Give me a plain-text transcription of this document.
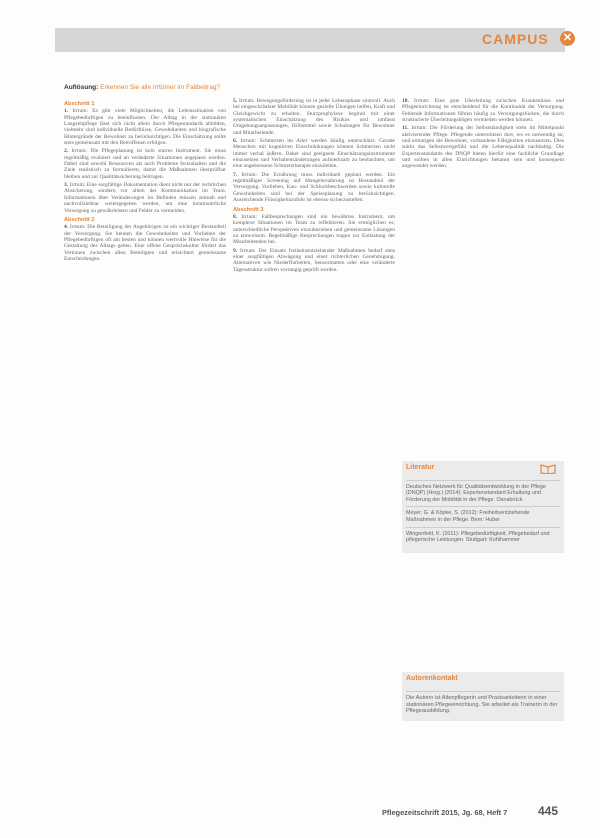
CAMPUS ✕
Auflösung: Erkennen Sie alle Irrtümer im Fallbeitrag?
Abschnitt 1
1. Irrtum: Es gibt viele Möglichkeiten, die Lebenssituation von Pflegebedürftigen zu beeinflussen. Der Alltag in der stationären Langzeitpflege lässt sich nicht allein durch Pflegestandards abbilden, vielmehr sind individuelle Bedürfnisse, Gewohnheiten und biografische Hintergründe der Bewohner zu berücksichtigen. Die Einschätzung sollte stets gemeinsam mit den Betroffenen erfolgen.
2. Irrtum: Die Pflegeplanung ist kein starres Instrument. Sie muss regelmäßig evaluiert und an veränderte Situationen angepasst werden. Dabei sind sowohl Ressourcen als auch Probleme festzuhalten und die Ziele realistisch zu formulieren, damit die Maßnahmen überprüfbar bleiben und zur Qualitätssicherung beitragen.
3. Irrtum: Eine sorgfältige Dokumentation dient nicht nur der rechtlichen Absicherung, sondern vor allem der Kommunikation im Team. Informationen über Veränderungen im Befinden müssen zeitnah und nachvollziehbar weitergegeben werden, um eine kontinuierliche Versorgung zu gewährleisten und Fehler zu vermeiden.
Abschnitt 2
4. Irrtum: Die Beteiligung der Angehörigen ist ein wichtiger Bestandteil der Versorgung. Sie kennen die Gewohnheiten und Vorlieben der Pflegebedürftigen oft am besten und können wertvolle Hinweise für die Gestaltung des Alltags geben. Eine offene Gesprächskultur fördert das Vertrauen zwischen allen Beteiligten und erleichtert gemeinsame Entscheidungen.
5. Irrtum: Bewegungsförderung ist in jeder Lebensphase sinnvoll. Auch bei eingeschränkter Mobilität können gezielte Übungen helfen, Kraft und Gleichgewicht zu erhalten. Sturzprophylaxe beginnt mit einer systematischen Einschätzung des Risikos und umfasst Umgebungsanpassungen, Hilfsmittel sowie Schulungen für Bewohner und Mitarbeitende.
6. Irrtum: Schmerzen im Alter werden häufig unterschätzt. Gerade Menschen mit kognitiven Einschränkungen können Schmerzen nicht immer verbal äußern. Daher sind geeignete Einschätzungsinstrumente einzusetzen und Verhaltensänderungen aufmerksam zu beobachten, um eine angemessene Schmerztherapie einzuleiten.
7. Irrtum: Die Ernährung muss individuell geplant werden. Ein regelmäßiges Screening auf Mangelernährung ist Bestandteil der Versorgung. Vorlieben, Kau- und Schluckbeschwerden sowie kulturelle Gewohnheiten sind bei der Speiseplanung zu berücksichtigen. Ausreichende Flüssigkeitszufuhr ist ebenso sicherzustellen.
Abschnitt 3
8. Irrtum: Fallbesprechungen sind ein bewährtes Instrument, um komplexe Situationen im Team zu reflektieren. Sie ermöglichen es, unterschiedliche Perspektiven einzubeziehen und gemeinsame Lösungen zu entwickeln. Regelmäßige Besprechungen tragen zur Entlastung der Mitarbeitenden bei.
9. Irrtum: Der Einsatz freiheitsentziehender Maßnahmen bedarf stets einer sorgfältigen Abwägung und einer richterlichen Genehmigung. Alternativen wie Niederflurbetten, Sensormatten oder eine veränderte Tagesstruktur sollten vorrangig geprüft werden.
10. Irrtum: Eine gute Überleitung zwischen Krankenhaus und Pflegeeinrichtung ist entscheidend für die Kontinuität der Versorgung. Fehlende Informationen führen häufig zu Versorgungslücken, die durch strukturierte Überleitungsbögen vermieden werden können.
11. Irrtum: Die Förderung der Selbstständigkeit steht im Mittelpunkt aktivierender Pflege. Pflegende unterstützen dort, wo es notwendig ist, und ermutigen die Bewohner, vorhandene Fähigkeiten einzusetzen. Dies stärkt das Selbstwertgefühl und die Lebensqualität nachhaltig. Die Expertenstandards des DNQP bieten hierfür eine fachliche Grundlage und sollten in allen Einrichtungen bekannt sein und konsequent angewendet werden.
Literatur
Deutsches Netzwerk für Qualitätsentwicklung in der Pflege (DNQP) (Hrsg.) (2014): Expertenstandard Erhaltung und Förderung der Mobilität in der Pflege. Osnabrück
Meyer, G. & Köpke, S. (2012): Freiheitsentziehende Maßnahmen in der Pflege. Bern: Huber
Wingenfeld, K. (2011): Pflegebedürftigkeit, Pflegebedarf und pflegerische Leistungen. Stuttgart: Kohlhammer
Autorenkontakt
Die Autorin ist Altenpflegerin und Praxisanleiterin in einer stationären Pflegeeinrichtung. Sie arbeitet als Trainerin in der Pflegeausbildung.
Pflegezeitschrift 2015, Jg. 68, Heft 7	445
